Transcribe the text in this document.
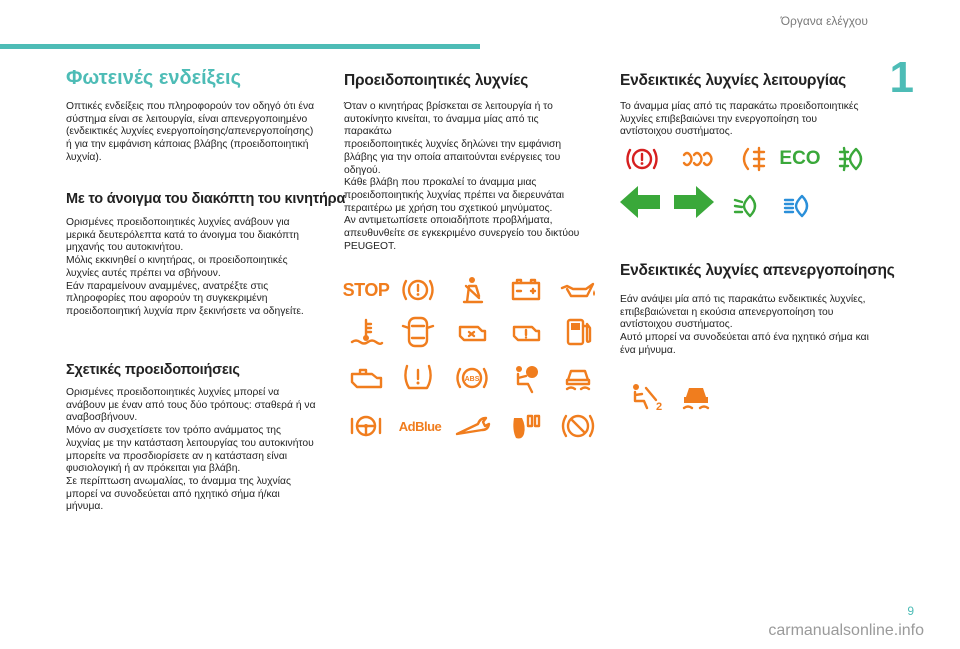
Όργανα ελέγχου
1
9
carmanualsonline.info
Φωτεινές ενδείξεις

Οπτικές ενδείξεις που πληροφορούν τον οδηγό ότι ένα
σύστημα είναι σε λειτουργία, είναι απενεργοποιημένο
(ενδεικτικές λυχνίες ενεργοποίησης/απενεργοποίησης)
ή για την εμφάνιση κάποιας βλάβης (προειδοποιητική
λυχνία).

Με το άνοιγμα του διακόπτη του κινητήρα

Ορισμένες προειδοποιητικές λυχνίες ανάβουν για
μερικά δευτερόλεπτα κατά το άνοιγμα του διακόπτη
μηχανής του αυτοκινήτου.
Μόλις εκκινηθεί ο κινητήρας, οι προειδοποιητικές
λυχνίες αυτές πρέπει να σβήνουν.
Εάν παραμείνουν αναμμένες, ανατρέξτε στις
πληροφορίες που αφορούν τη συγκεκριμένη
προειδοποιητική λυχνία πριν ξεκινήσετε να οδηγείτε.

Σχετικές προειδοποιήσεις

Ορισμένες προειδοποιητικές λυχνίες μπορεί να
ανάβουν με έναν από τους δύο τρόπους: σταθερά ή να
αναβοσβήνουν.
Μόνο αν συσχετίσετε τον τρόπο ανάμματος της
λυχνίας με την κατάσταση λειτουργίας του αυτοκινήτου
μπορείτε να προσδιορίσετε αν η κατάσταση είναι
φυσιολογική ή αν πρόκειται για βλάβη.
Σε περίπτωση ανωμαλίας, το άναμμα της λυχνίας
μπορεί να συνοδεύεται από ηχητικό σήμα ή/και
μήνυμα.

Προειδοποιητικές λυχνίες

Όταν ο κινητήρας βρίσκεται σε λειτουργία ή το
αυτοκίνητο κινείται, το άναμμα μίας από τις παρακάτω
προειδοποιητικές λυχνίες δηλώνει την εμφάνιση
βλάβης για την οποία απαιτούνται ενέργειες του
οδηγού.
Κάθε βλάβη που προκαλεί το άναμμα μιας
προειδοποιητικής λυχνίας πρέπει να διερευνάται
περαιτέρω με χρήση του σχετικού μηνύματος.
Αν αντιμετωπίσετε οποιαδήποτε προβλήματα,
απευθυνθείτε σε εγκεκριμένο συνεργείο του δικτύου
PEUGEOT.

STOP
ABS
AdBlue
Ενδεικτικές λυχνίες λειτουργίας

Το άναμμα μίας από τις παρακάτω προειδοποιητικές
λυχνίες επιβεβαιώνει την ενεργοποίηση του
αντίστοιχου συστήματος.

Ενδεικτικές λυχνίες απενεργοποίησης

Εάν ανάψει μία από τις παρακάτω ενδεικτικές λυχνίες,
επιβεβαιώνεται η εκούσια απενεργοποίηση του
αντίστοιχου συστήματος.
Αυτό μπορεί να συνοδεύεται από ένα ηχητικό σήμα και
ένα μήνυμα.

ECO
2
